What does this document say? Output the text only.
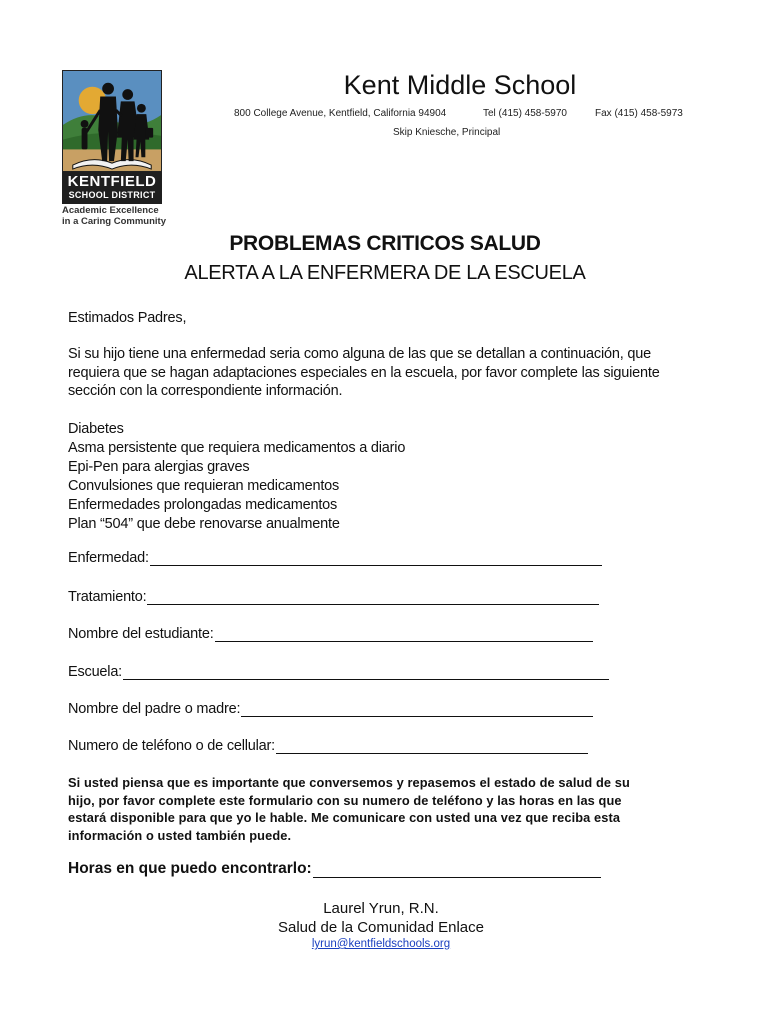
KENTFIELD
SCHOOL DISTRICT
Academic Excellence
in a Caring Community
Kent Middle School
800 College Avenue, Kentfield, California 94904	Tel (415) 458-5970	Fax (415) 458-5973
Skip Kniesche, Principal
PROBLEMAS CRITICOS SALUD
ALERTA A LA ENFERMERA DE LA ESCUELA
Estimados Padres,
Si su hijo tiene una enfermedad seria como alguna de las que se detallan a continuación, que
requiera que se hagan adaptaciones especiales en la escuela, por favor complete las siguiente
sección con la correspondiente información.
Diabetes
Asma persistente que requiera medicamentos a diario
Epi-Pen para alergias graves
Convulsiones que requieran medicamentos
Enfermedades prolongadas medicamentos
Plan “504” que debe renovarse anualmente
Enfermedad:
Tratamiento:
Nombre del estudiante:
Escuela:
Nombre del padre o madre:
Numero de teléfono o de cellular:
Si usted piensa que es importante que conversemos y repasemos el estado de salud de su
hijo, por favor complete este formulario con su numero de teléfono y las horas en las que
estará disponible para que yo le hable. Me comunicare con usted una vez que reciba esta
información o usted también puede.
Horas en que puedo encontrarlo:
Laurel Yrun, R.N.
Salud de la Comunidad Enlace
lyrun@kentfieldschools.org
